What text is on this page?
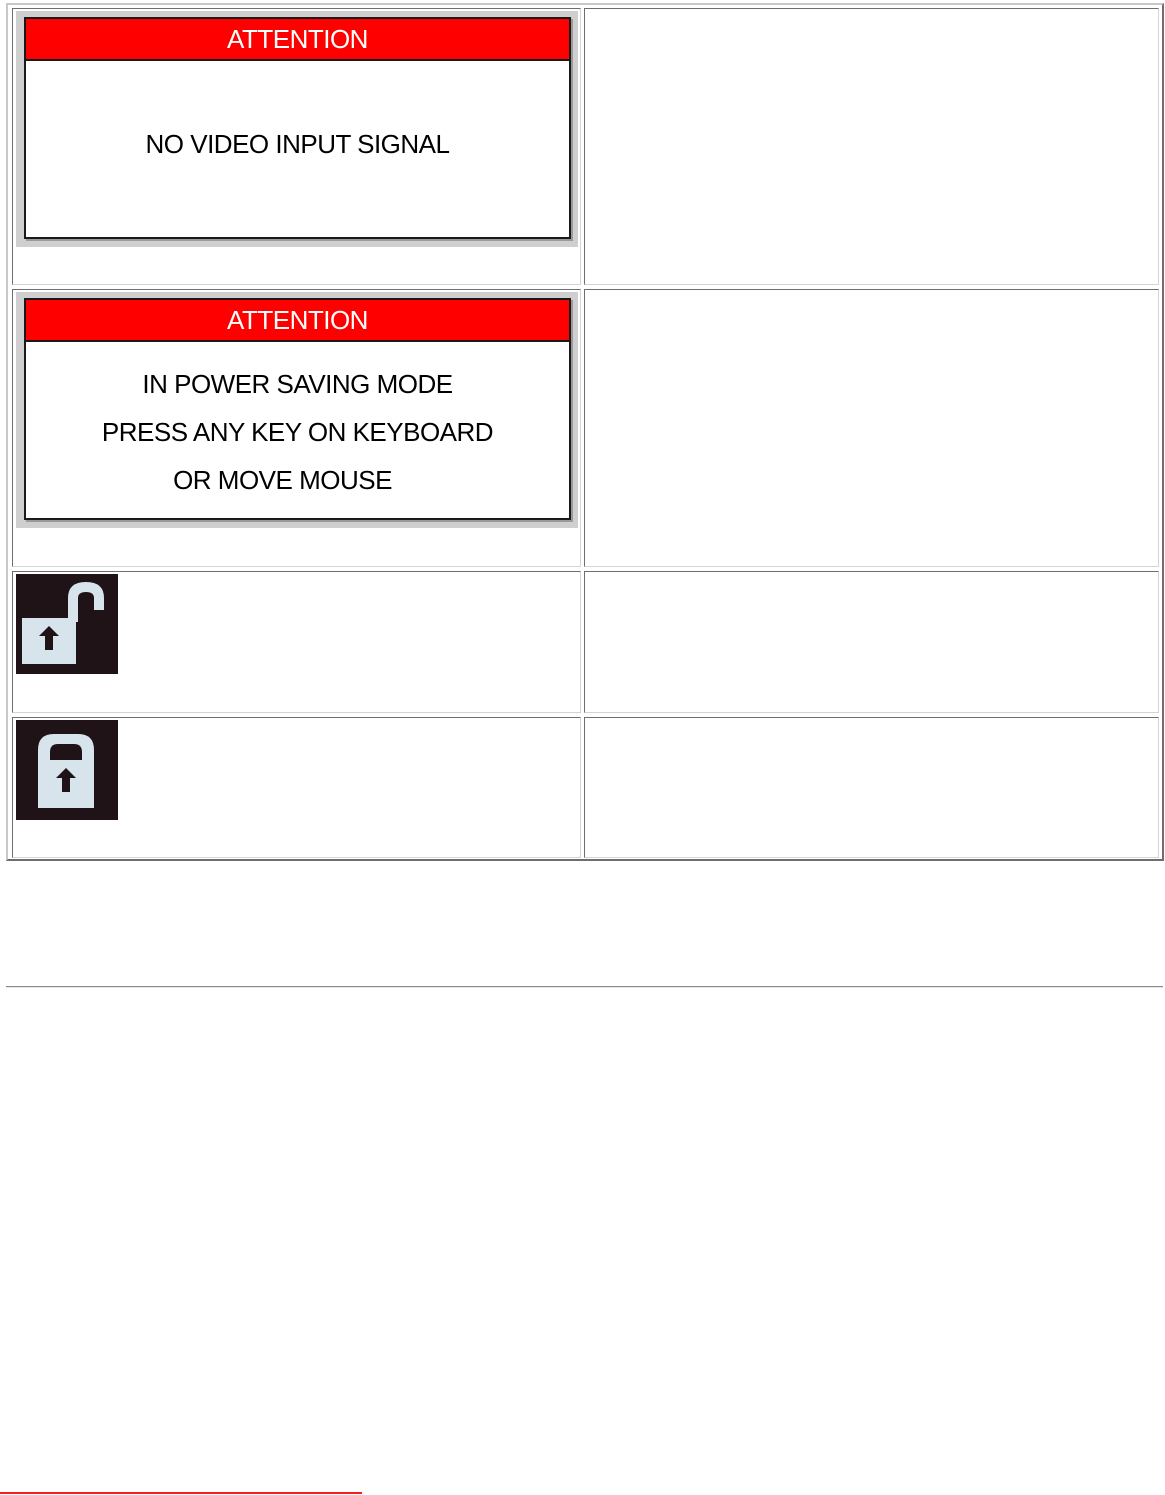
ATTENTION
NO VIDEO INPUT SIGNAL
ATTENTION
IN POWER SAVING MODE
PRESS ANY KEY ON KEYBOARD
OR MOVE MOUSE
